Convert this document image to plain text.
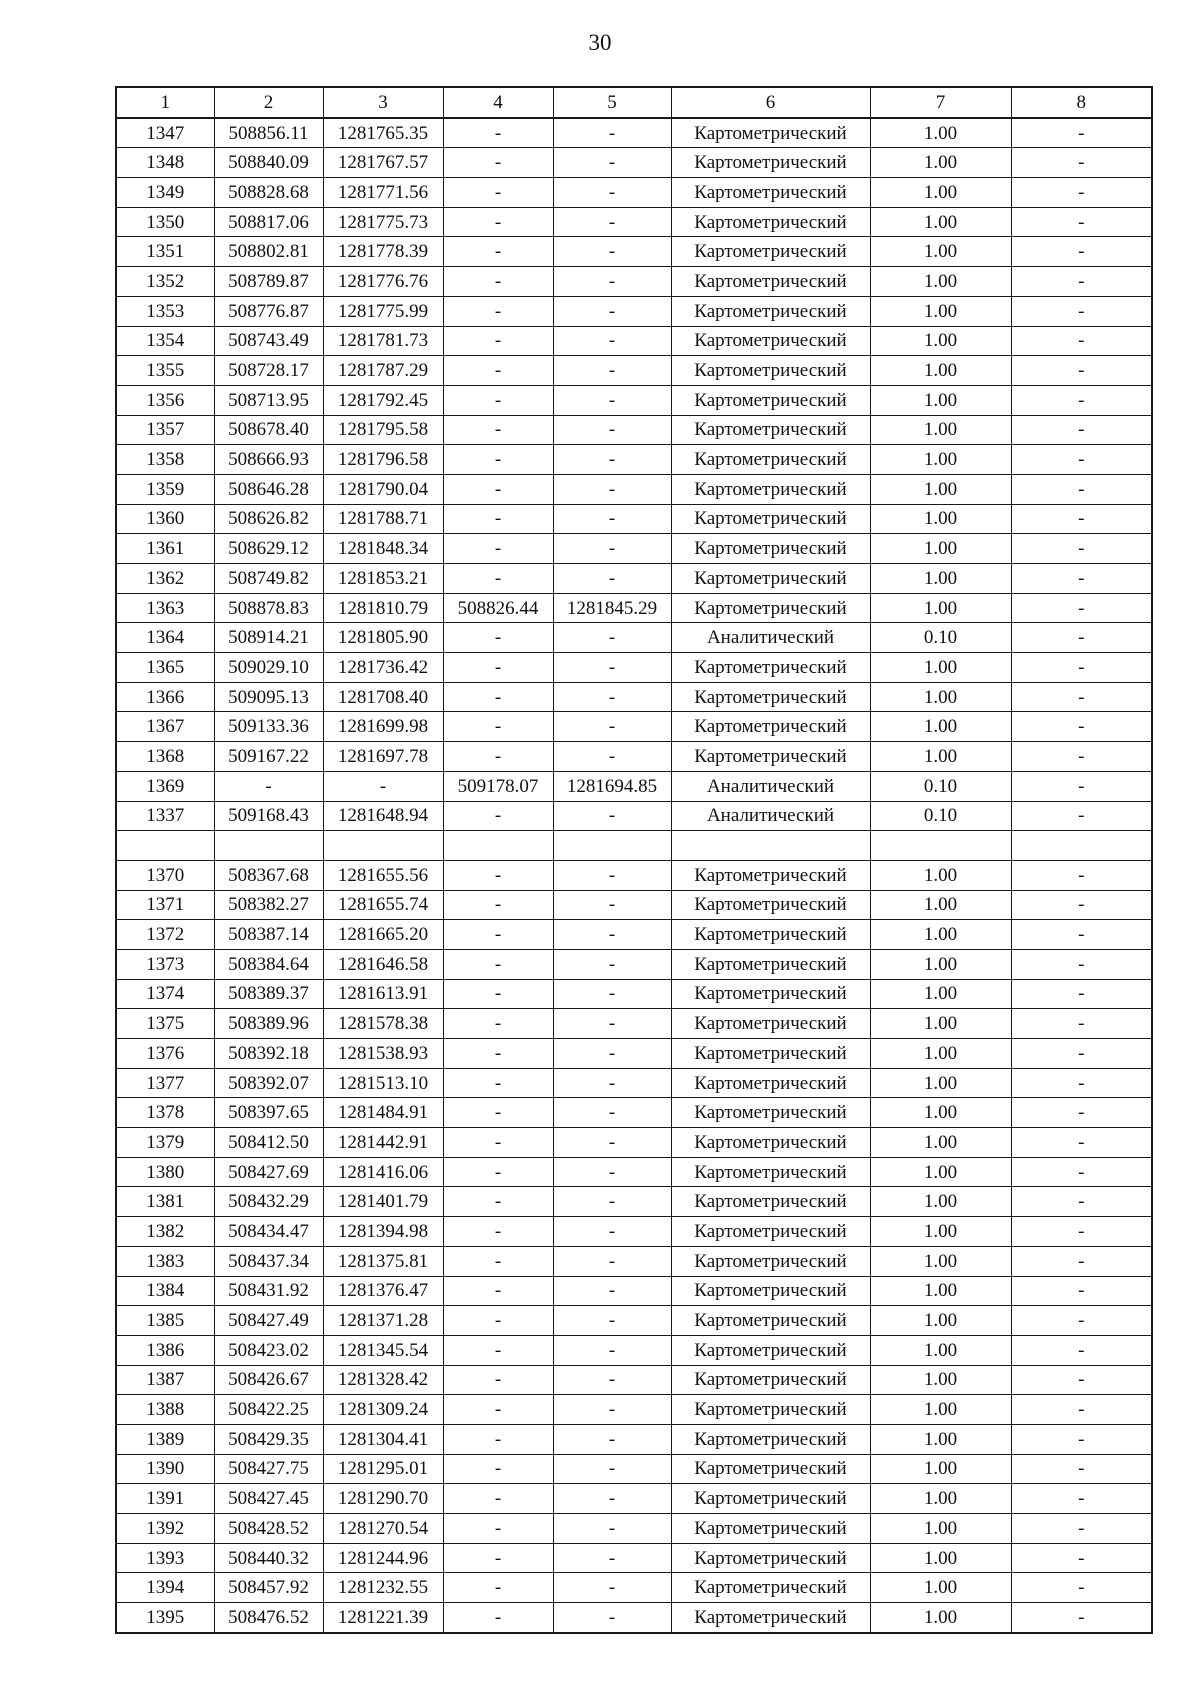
30
1	2	3	4	5	6	7	8
1347	508856.11	1281765.35	-	-	Картометрический	1.00	-
1348	508840.09	1281767.57	-	-	Картометрический	1.00	-
1349	508828.68	1281771.56	-	-	Картометрический	1.00	-
1350	508817.06	1281775.73	-	-	Картометрический	1.00	-
1351	508802.81	1281778.39	-	-	Картометрический	1.00	-
1352	508789.87	1281776.76	-	-	Картометрический	1.00	-
1353	508776.87	1281775.99	-	-	Картометрический	1.00	-
1354	508743.49	1281781.73	-	-	Картометрический	1.00	-
1355	508728.17	1281787.29	-	-	Картометрический	1.00	-
1356	508713.95	1281792.45	-	-	Картометрический	1.00	-
1357	508678.40	1281795.58	-	-	Картометрический	1.00	-
1358	508666.93	1281796.58	-	-	Картометрический	1.00	-
1359	508646.28	1281790.04	-	-	Картометрический	1.00	-
1360	508626.82	1281788.71	-	-	Картометрический	1.00	-
1361	508629.12	1281848.34	-	-	Картометрический	1.00	-
1362	508749.82	1281853.21	-	-	Картометрический	1.00	-
1363	508878.83	1281810.79	508826.44	1281845.29	Картометрический	1.00	-
1364	508914.21	1281805.90	-	-	Аналитический	0.10	-
1365	509029.10	1281736.42	-	-	Картометрический	1.00	-
1366	509095.13	1281708.40	-	-	Картометрический	1.00	-
1367	509133.36	1281699.98	-	-	Картометрический	1.00	-
1368	509167.22	1281697.78	-	-	Картометрический	1.00	-
1369	-	-	509178.07	1281694.85	Аналитический	0.10	-
1337	509168.43	1281648.94	-	-	Аналитический	0.10	-

1370	508367.68	1281655.56	-	-	Картометрический	1.00	-
1371	508382.27	1281655.74	-	-	Картометрический	1.00	-
1372	508387.14	1281665.20	-	-	Картометрический	1.00	-
1373	508384.64	1281646.58	-	-	Картометрический	1.00	-
1374	508389.37	1281613.91	-	-	Картометрический	1.00	-
1375	508389.96	1281578.38	-	-	Картометрический	1.00	-
1376	508392.18	1281538.93	-	-	Картометрический	1.00	-
1377	508392.07	1281513.10	-	-	Картометрический	1.00	-
1378	508397.65	1281484.91	-	-	Картометрический	1.00	-
1379	508412.50	1281442.91	-	-	Картометрический	1.00	-
1380	508427.69	1281416.06	-	-	Картометрический	1.00	-
1381	508432.29	1281401.79	-	-	Картометрический	1.00	-
1382	508434.47	1281394.98	-	-	Картометрический	1.00	-
1383	508437.34	1281375.81	-	-	Картометрический	1.00	-
1384	508431.92	1281376.47	-	-	Картометрический	1.00	-
1385	508427.49	1281371.28	-	-	Картометрический	1.00	-
1386	508423.02	1281345.54	-	-	Картометрический	1.00	-
1387	508426.67	1281328.42	-	-	Картометрический	1.00	-
1388	508422.25	1281309.24	-	-	Картометрический	1.00	-
1389	508429.35	1281304.41	-	-	Картометрический	1.00	-
1390	508427.75	1281295.01	-	-	Картометрический	1.00	-
1391	508427.45	1281290.70	-	-	Картометрический	1.00	-
1392	508428.52	1281270.54	-	-	Картометрический	1.00	-
1393	508440.32	1281244.96	-	-	Картометрический	1.00	-
1394	508457.92	1281232.55	-	-	Картометрический	1.00	-
1395	508476.52	1281221.39	-	-	Картометрический	1.00	-
